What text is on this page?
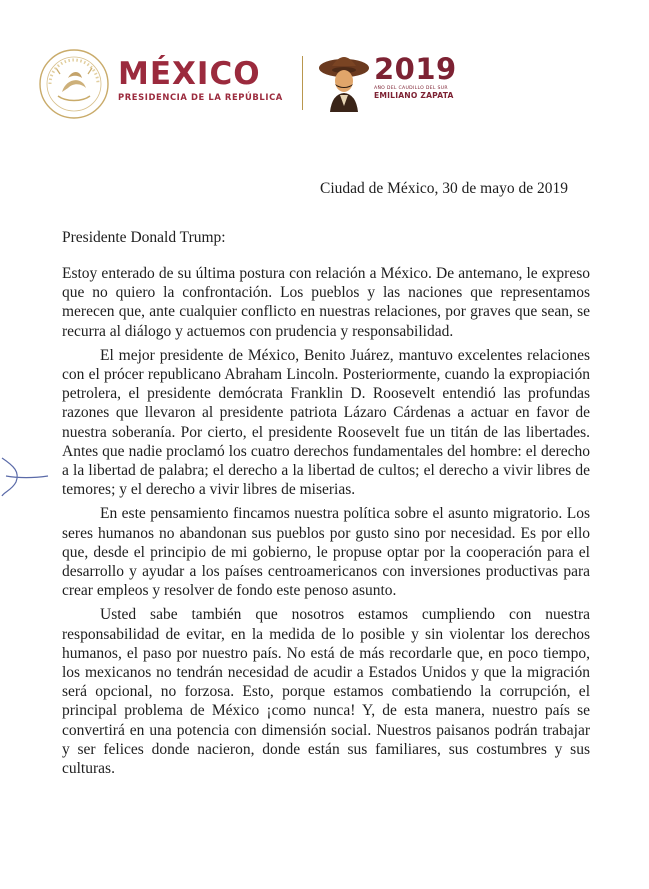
MÉXICO
PRESIDENCIA DE LA REPÚBLICA
2019
AÑO DEL CAUDILLO DEL SUR
EMILIANO ZAPATA
Ciudad de México, 30 de mayo de 2019
Presidente Donald Trump:

Estoy enterado de su última postura con relación a México. De antemano, le expreso que no quiero la confrontación. Los pueblos y las naciones que representamos merecen que, ante cualquier conflicto en nuestras relaciones, por graves que sean, se recurra al diálogo y actuemos con prudencia y responsabilidad.

El mejor presidente de México, Benito Juárez, mantuvo excelentes relaciones con el prócer republicano Abraham Lincoln. Posteriormente, cuando la expropiación petrolera, el presidente demócrata Franklin D. Roosevelt entendió las profundas razones que llevaron al presidente patriota Lázaro Cárdenas a actuar en favor de nuestra soberanía. Por cierto, el presidente Roosevelt fue un titán de las libertades. Antes que nadie proclamó los cuatro derechos fundamentales del hombre: el derecho a la libertad de palabra; el derecho a la libertad de cultos; el derecho a vivir libres de temores; y el derecho a vivir libres de miserias.

En este pensamiento fincamos nuestra política sobre el asunto migratorio. Los seres humanos no abandonan sus pueblos por gusto sino por necesidad. Es por ello que, desde el principio de mi gobierno, le propuse optar por la cooperación para el desarrollo y ayudar a los países centroamericanos con inversiones productivas para crear empleos y resolver de fondo este penoso asunto.

Usted sabe también que nosotros estamos cumpliendo con nuestra responsabilidad de evitar, en la medida de lo posible y sin violentar los derechos humanos, el paso por nuestro país. No está de más recordarle que, en poco tiempo, los mexicanos no tendrán necesidad de acudir a Estados Unidos y que la migración será opcional, no forzosa. Esto, porque estamos combatiendo la corrupción, el principal problema de México ¡como nunca! Y, de esta manera, nuestro país se convertirá en una potencia con dimensión social. Nuestros paisanos podrán trabajar y ser felices donde nacieron, donde están sus familiares, sus costumbres y sus culturas.
